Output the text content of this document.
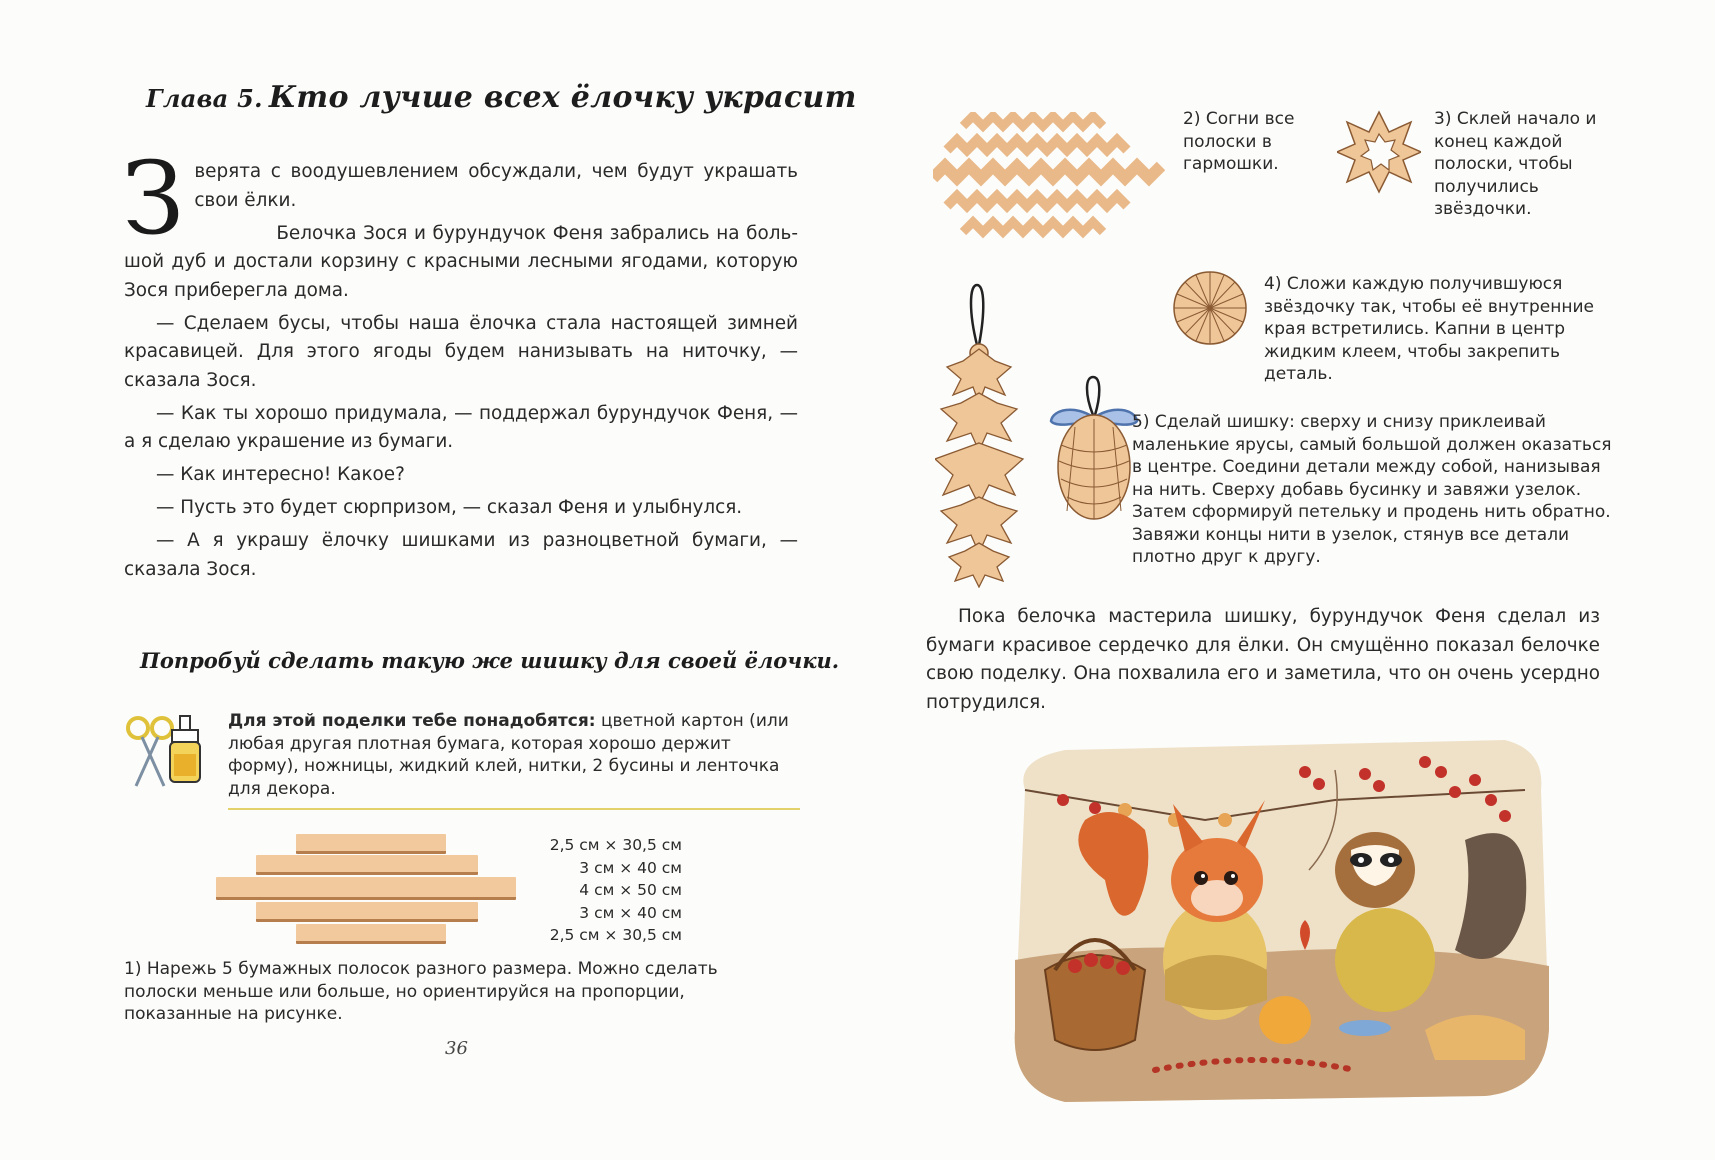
Глава 5. Кто лучше всех ёлочку украсит

Зверята с воодушевлением обсуждали, чем будут украшать свои ёлки.

Белочка Зося и бурундучок Феня забрались на большой дуб и достали корзину с красными лесными ягодами, которую Зося приберегла дома.

— Сделаем бусы, чтобы наша ёлочка стала настоящей зимней красавицей. Для этого ягоды будем нанизывать на ниточку, — сказала Зося.

— Как ты хорошо придумала, — поддержал бурундучок Феня, — а я сделаю украшение из бумаги.

— Как интересно! Какое?

— Пусть это будет сюрпризом, — сказал Феня и улыбнулся.

— А я украшу ёлочку шишками из разноцветной бумаги, — сказала Зося.

Попробуй сделать такую же шишку для своей ёлочки.
Для этой поделки тебе понадобятся: цветной картон (или любая другая плотная бумага, которая хорошо держит форму), ножницы, жидкий клей, нитки, 2 бусины и ленточка для декора.
2,5 см × 30,5 см
3 см × 40 см
4 см × 50 см
3 см × 40 см
2,5 см × 30,5 см
1) Нарежь 5 бумажных полосок разного размера. Можно сделать полоски меньше или больше, но ориентируйся на пропорции, показанные на рисунке.
36
2) Согни все полоски в гармошки.
3) Склей начало и конец каждой полоски, чтобы получились звёздочки.
4) Сложи каждую получившуюся звёздочку так, чтобы её внутренние края встретились. Капни в центр жидким клеем, чтобы закрепить деталь.
5) Сделай шишку: сверху и снизу приклеивай маленькие ярусы, самый большой должен оказаться в центре. Соедини детали между собой, нанизывая на нить. Сверху добавь бусинку и завяжи узелок. Затем сформируй петельку и продень нить обратно. Завяжи концы нити в узелок, стянув все детали плотно друг к другу.

Пока белочка мастерила шишку, бурундучок Феня сделал из бумаги красивое сердечко для ёлки. Он смущённо показал белочке свою поделку. Она похвалила его и заметила, что он очень усердно потрудился.
